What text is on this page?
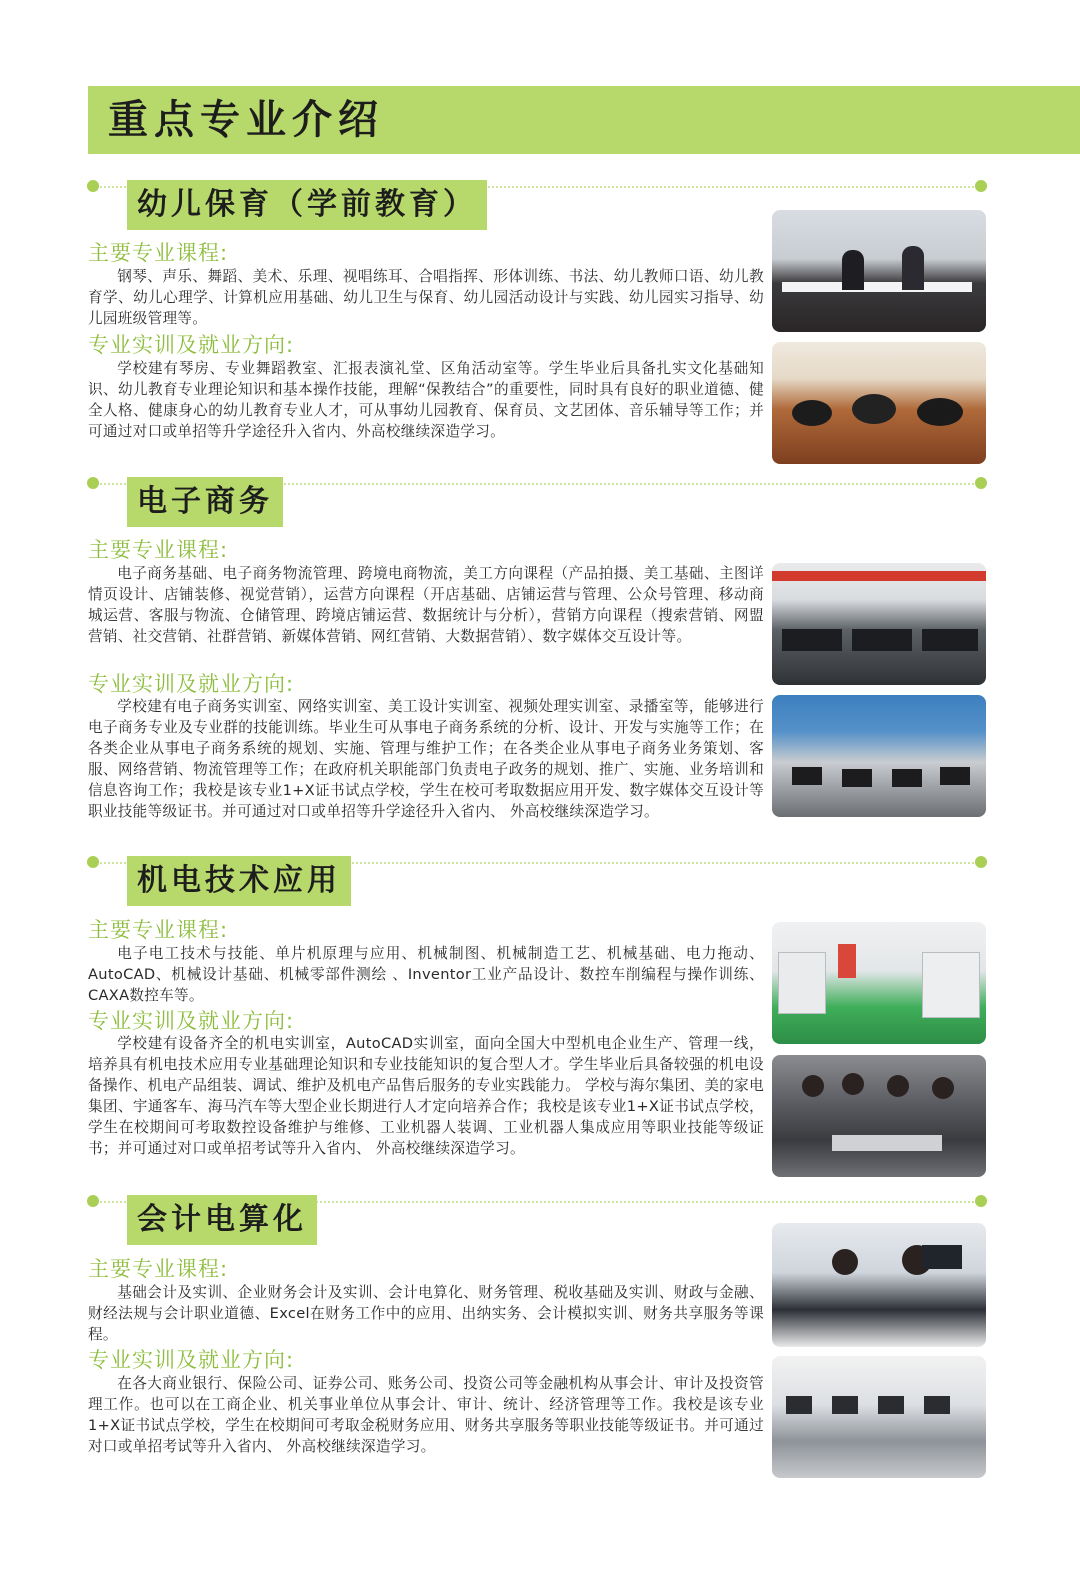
重点专业介绍
幼儿保育（学前教育）
主要专业课程:

钢琴、声乐、舞蹈、美术、乐理、视唱练耳、合唱指挥、形体训练、书法、幼儿教师口语、幼儿教育学、幼儿心理学、计算机应用基础、幼儿卫生与保育、幼儿园活动设计与实践、幼儿园实习指导、幼儿园班级管理等。

专业实训及就业方向:

学校建有琴房、专业舞蹈教室、汇报表演礼堂、区角活动室等。学生毕业后具备扎实文化基础知识、幼儿教育专业理论知识和基本操作技能，理解“保教结合”的重要性，同时具有良好的职业道德、健全人格、健康身心的幼儿教育专业人才，可从事幼儿园教育、保育员、文艺团体、音乐辅导等工作；并可通过对口或单招等升学途径升入省内、外高校继续深造学习。

电子商务
主要专业课程:

电子商务基础、电子商务物流管理、跨境电商物流，美工方向课程（产品拍摄、美工基础、主图详情页设计、店铺装修、视觉营销），运营方向课程（开店基础、店铺运营与管理、公众号管理、移动商城运营、客服与物流、仓储管理、跨境店铺运营、数据统计与分析），营销方向课程（搜索营销、网盟营销、社交营销、社群营销、新媒体营销、网红营销、大数据营销）、数字媒体交互设计等。

专业实训及就业方向:

学校建有电子商务实训室、网络实训室、美工设计实训室、视频处理实训室、录播室等，能够进行电子商务专业及专业群的技能训练。毕业生可从事电子商务系统的分析、设计、开发与实施等工作；在各类企业从事电子商务系统的规划、实施、管理与维护工作；在各类企业从事电子商务业务策划、客服、网络营销、物流管理等工作；在政府机关职能部门负责电子政务的规划、推广、实施、业务培训和信息咨询工作；我校是该专业1+X证书试点学校，学生在校可考取数据应用开发、数字媒体交互设计等职业技能等级证书。并可通过对口或单招等升学途径升入省内、 外高校继续深造学习。

机电技术应用
主要专业课程:

电子电工技术与技能、单片机原理与应用、机械制图、机械制造工艺、机械基础、电力拖动、AutoCAD、机械设计基础、机械零部件测绘 、Inventor工业产品设计、数控车削编程与操作训练、CAXA数控车等。

专业实训及就业方向:

学校建有设备齐全的机电实训室，AutoCAD实训室，面向全国大中型机电企业生产、管理一线，培养具有机电技术应用专业基础理论知识和专业技能知识的复合型人才。学生毕业后具备较强的机电设备操作、机电产品组装、调试、维护及机电产品售后服务的专业实践能力。 学校与海尔集团、美的家电集团、宇通客车、海马汽车等大型企业长期进行人才定向培养合作；我校是该专业1+X证书试点学校，学生在校期间可考取数控设备维护与维修、工业机器人装调、工业机器人集成应用等职业技能等级证书；并可通过对口或单招考试等升入省内、 外高校继续深造学习。

会计电算化
主要专业课程:

基础会计及实训、企业财务会计及实训、会计电算化、财务管理、税收基础及实训、财政与金融、财经法规与会计职业道德、Excel在财务工作中的应用、出纳实务、会计模拟实训、财务共享服务等课程。

专业实训及就业方向:

在各大商业银行、保险公司、证券公司、账务公司、投资公司等金融机构从事会计、审计及投资管理工作。也可以在工商企业、机关事业单位从事会计、审计、统计、经济管理等工作。我校是该专业1+X证书试点学校，学生在校期间可考取金税财务应用、财务共享服务等职业技能等级证书。并可通过对口或单招考试等升入省内、 外高校继续深造学习。
